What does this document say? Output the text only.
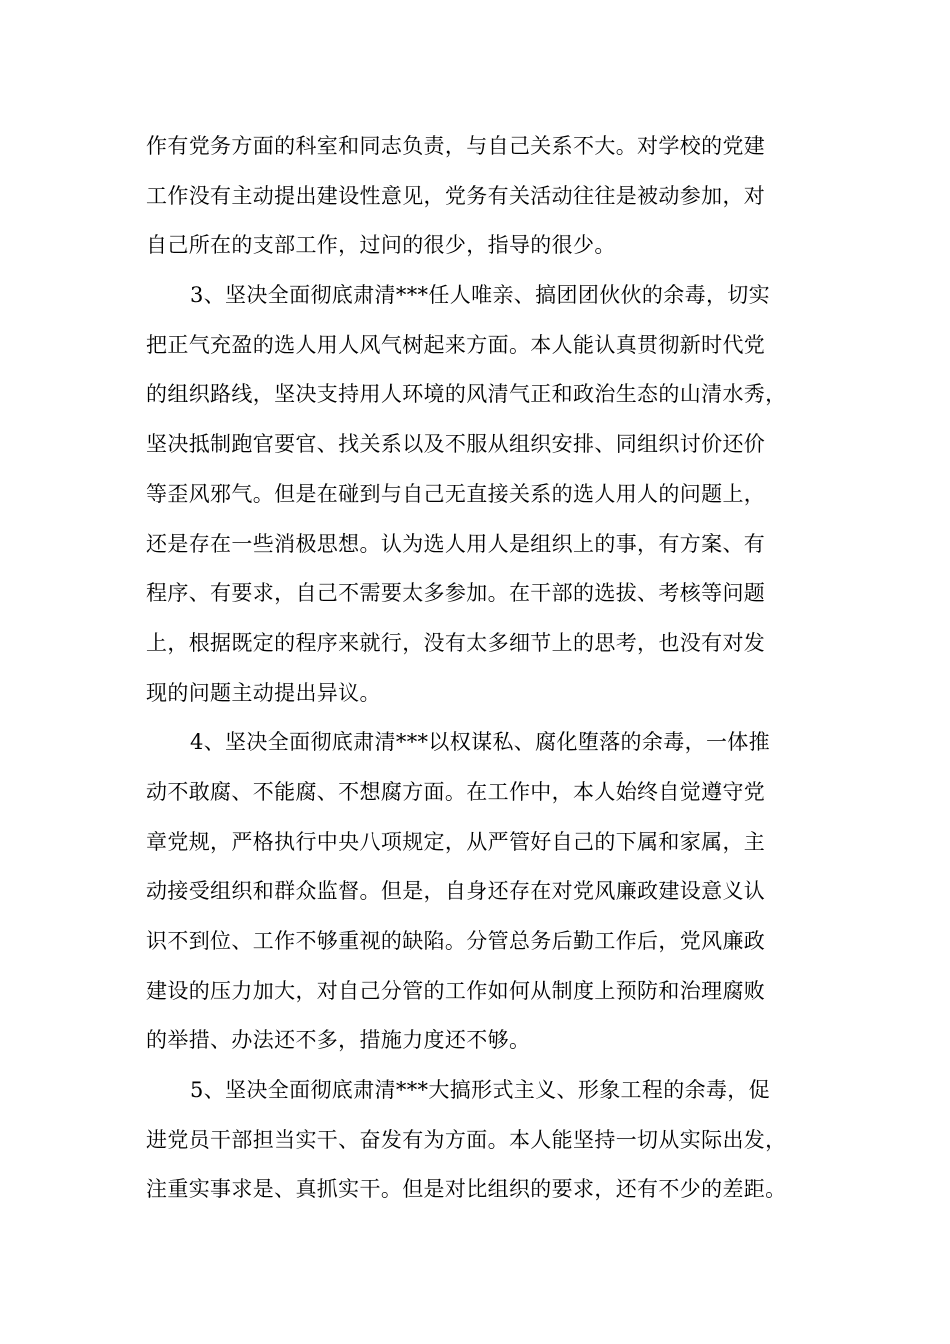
作有党务方面的科室和同志负责，与自己关系不大。对学校的党建
工作没有主动提出建设性意见，党务有关活动往往是被动参加，对
自己所在的支部工作，过问的很少，指导的很少。
3、坚决全面彻底肃清***任人唯亲、搞团团伙伙的余毒，切实
把正气充盈的选人用人风气树起来方面。本人能认真贯彻新时代党
的组织路线，坚决支持用人环境的风清气正和政治生态的山清水秀，
坚决抵制跑官要官、找关系以及不服从组织安排、同组织讨价还价
等歪风邪气。但是在碰到与自己无直接关系的选人用人的问题上，
还是存在一些消极思想。认为选人用人是组织上的事，有方案、有
程序、有要求，自己不需要太多参加。在干部的选拔、考核等问题
上，根据既定的程序来就行，没有太多细节上的思考，也没有对发
现的问题主动提出异议。
4、坚决全面彻底肃清***以权谋私、腐化堕落的余毒，一体推
动不敢腐、不能腐、不想腐方面。在工作中，本人始终自觉遵守党
章党规，严格执行中央八项规定，从严管好自己的下属和家属，主
动接受组织和群众监督。但是，自身还存在对党风廉政建设意义认
识不到位、工作不够重视的缺陷。分管总务后勤工作后，党风廉政
建设的压力加大，对自己分管的工作如何从制度上预防和治理腐败
的举措、办法还不多，措施力度还不够。
5、坚决全面彻底肃清***大搞形式主义、形象工程的余毒，促
进党员干部担当实干、奋发有为方面。本人能坚持一切从实际出发，
注重实事求是、真抓实干。但是对比组织的要求，还有不少的差距。
